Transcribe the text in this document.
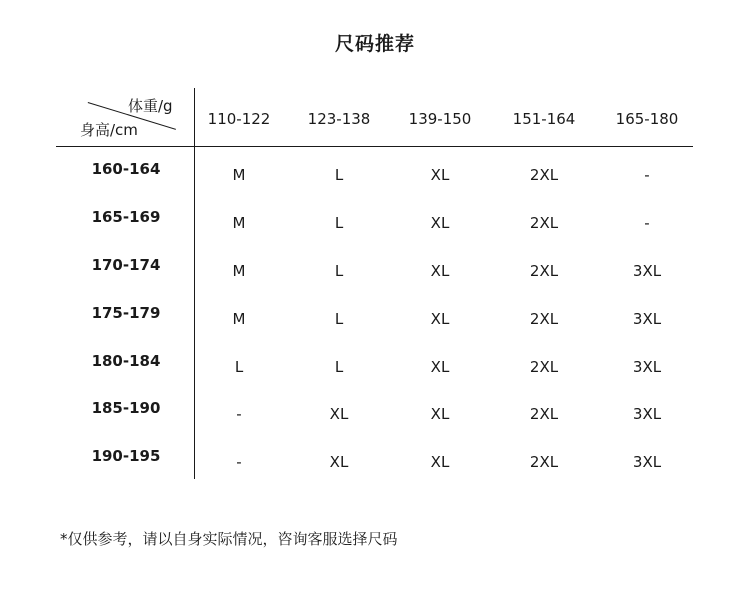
尺码推荐
体重/g
身高/cm
110-122	123-138	139-150	151-164	165-180
160-164	M	L	XL	2XL	-
165-169	M	L	XL	2XL	-
170-174	M	L	XL	2XL	3XL
175-179	M	L	XL	2XL	3XL
180-184	L	L	XL	2XL	3XL
185-190	-	XL	XL	2XL	3XL
190-195	-	XL	XL	2XL	3XL
*仅供参考，请以自身实际情况，咨询客服选择尺码
